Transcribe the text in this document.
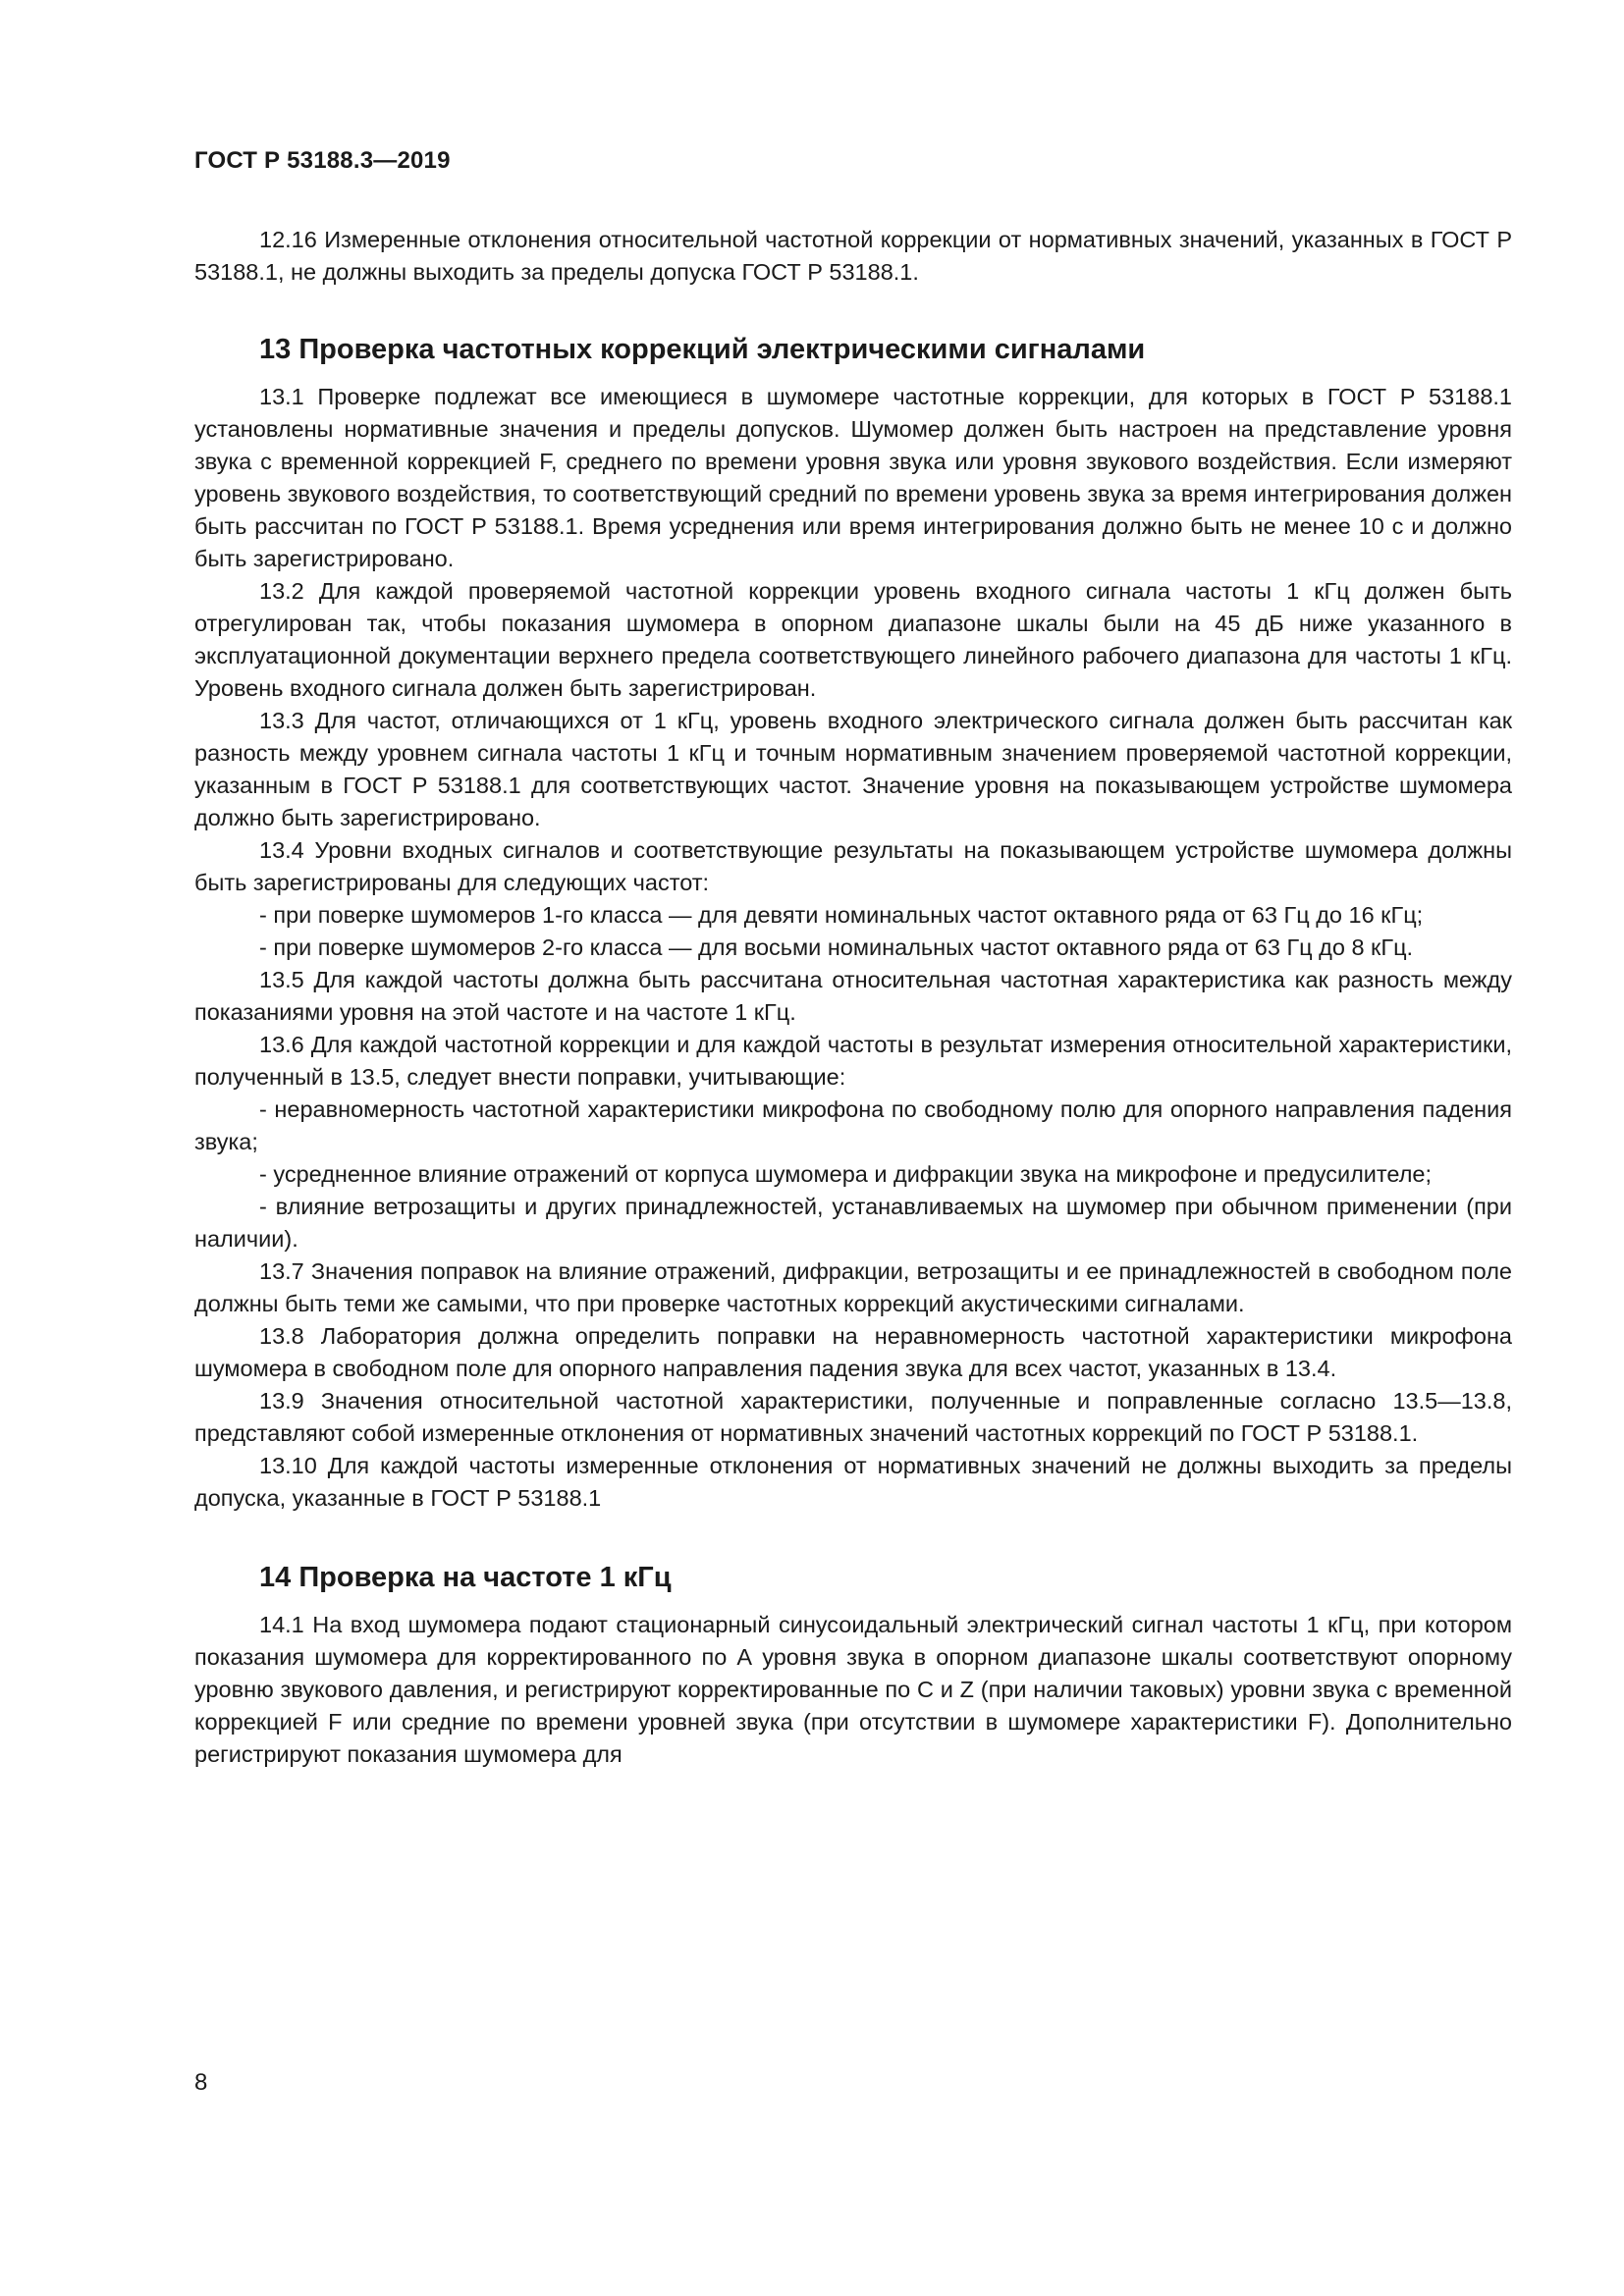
ГОСТ Р 53188.3—2019

12.16 Измеренные отклонения относительной частотной коррекции от нормативных значений, указанных в ГОСТ Р 53188.1, не должны выходить за пределы допуска ГОСТ Р 53188.1.

13 Проверка частотных коррекций электрическими сигналами

13.1 Проверке подлежат все имеющиеся в шумомере частотные коррекции, для которых в ГОСТ Р 53188.1 установлены нормативные значения и пределы допусков. Шумомер должен быть настроен на представление уровня звука с временной коррекцией F, среднего по времени уровня звука или уровня звукового воздействия. Если измеряют уровень звукового воздействия, то соответствующий средний по времени уровень звука за время интегрирования должен быть рассчитан по ГОСТ Р 53188.1. Время усреднения или время интегрирования должно быть не менее 10 с и должно быть зарегистрировано.

13.2 Для каждой проверяемой частотной коррекции уровень входного сигнала частоты 1 кГц должен быть отрегулирован так, чтобы показания шумомера в опорном диапазоне шкалы были на 45 дБ ниже указанного в эксплуатационной документации верхнего предела соответствующего линейного рабочего диапазона для частоты 1 кГц. Уровень входного сигнала должен быть зарегистрирован.

13.3 Для частот, отличающихся от 1 кГц, уровень входного электрического сигнала должен быть рассчитан как разность между уровнем сигнала частоты 1 кГц и точным нормативным значением проверяемой частотной коррекции, указанным в ГОСТ Р 53188.1 для соответствующих частот. Значение уровня на показывающем устройстве шумомера должно быть зарегистрировано.

13.4 Уровни входных сигналов и соответствующие результаты на показывающем устройстве шумомера должны быть зарегистрированы для следующих частот:

- при поверке шумомеров 1-го класса — для девяти номинальных частот октавного ряда от 63 Гц до 16 кГц;

- при поверке шумомеров 2-го класса — для восьми номинальных частот октавного ряда от 63 Гц до 8 кГц.

13.5 Для каждой частоты должна быть рассчитана относительная частотная характеристика как разность между показаниями уровня на этой частоте и на частоте 1 кГц.

13.6 Для каждой частотной коррекции и для каждой частоты в результат измерения относительной характеристики, полученный в 13.5, следует внести поправки, учитывающие:

- неравномерность частотной характеристики микрофона по свободному полю для опорного направления падения звука;

- усредненное влияние отражений от корпуса шумомера и дифракции звука на микрофоне и предусилителе;

- влияние ветрозащиты и других принадлежностей, устанавливаемых на шумомер при обычном применении (при наличии).

13.7 Значения поправок на влияние отражений, дифракции, ветрозащиты и ее принадлежностей в свободном поле должны быть теми же самыми, что при проверке частотных коррекций акустическими сигналами.

13.8 Лаборатория должна определить поправки на неравномерность частотной характеристики микрофона шумомера в свободном поле для опорного направления падения звука для всех частот, указанных в 13.4.

13.9 Значения относительной частотной характеристики, полученные и поправленные согласно 13.5—13.8, представляют собой измеренные отклонения от нормативных значений частотных коррекций по ГОСТ Р 53188.1.

13.10 Для каждой частоты измеренные отклонения от нормативных значений не должны выходить за пределы допуска, указанные в ГОСТ Р 53188.1

14 Проверка на частоте 1 кГц

14.1 На вход шумомера подают стационарный синусоидальный электрический сигнал частоты 1 кГц, при котором показания шумомера для корректированного по А уровня звука в опорном диапазоне шкалы соответствуют опорному уровню звукового давления, и регистрируют корректированные по С и Z (при наличии таковых) уровни звука с временной коррекцией F или средние по времени уровней звука (при отсутствии в шумомере характеристики F). Дополнительно регистрируют показания шумомера для

8
